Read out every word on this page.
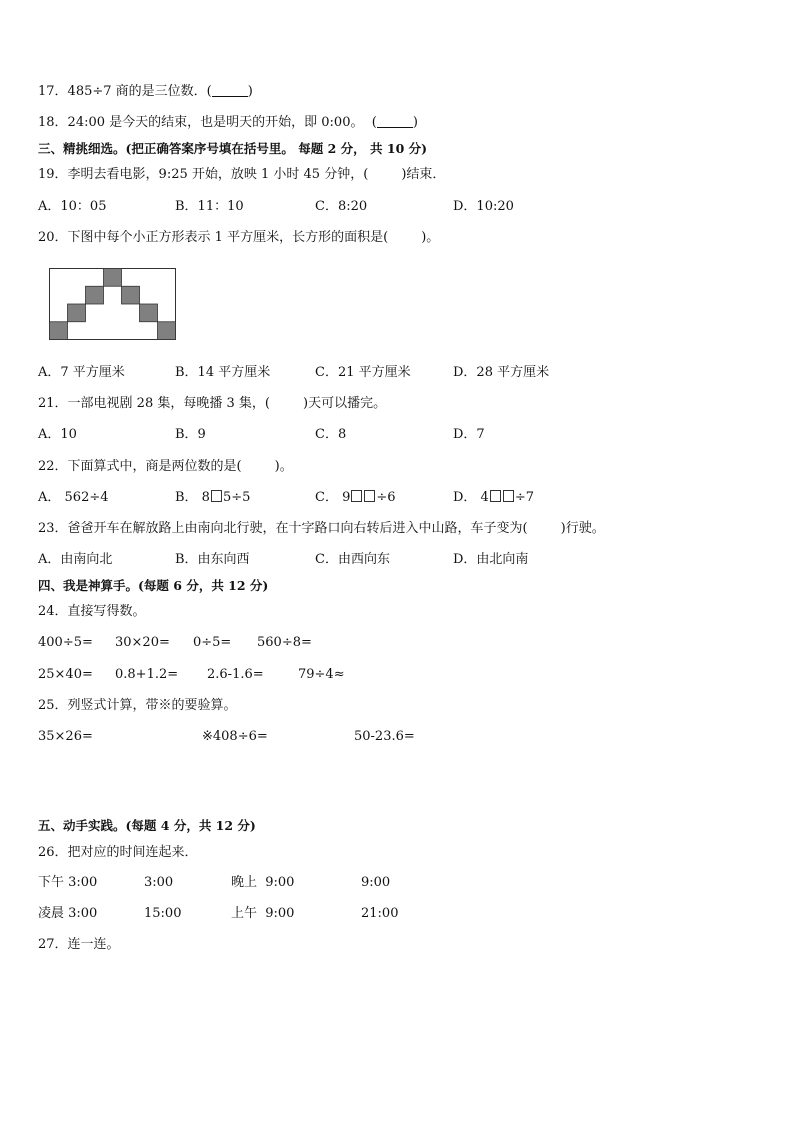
17．485÷7 商的是三位数．(	)
18．24:00 是今天的结束，也是明天的开始，即 0:00。  (	)
三、精挑细选。(把正确答案序号填在括号里。 每题 2 分， 共 10 分)
19．李明去看电影，9:25 开始，放映 1 小时 45 分钟，(        )结束．
A．10：05	B．11：10	C．8:20	D．10:20
20．下图中每个小正方形表示 1 平方厘米，长方形的面积是(        )。
A．7 平方厘米	B．14 平方厘米	C．21 平方厘米	D．28 平方厘米
21．一部电视剧 28 集，每晚播 3 集，(        )天可以播完。
A．10	B．9	C．8	D．7
22．下面算式中，商是两位数的是(        )。
A． 562÷4	B． 8 5÷5	C． 9 ÷6	D． 4 ÷7
23．爸爸开车在解放路上由南向北行驶，在十字路口向右转后进入中山路，车子变为(        )行驶。
A．由南向北	B．由东向西	C．由西向东	D．由北向南
四、我是神算手。(每题 6 分，共 12 分)
24．直接写得数。
400÷5= 30×20= 0÷5= 560÷8=
25×40= 0.8+1.2= 2.6-1.6=	79÷4≈
25．列竖式计算，带※的要验算。
35×26=	※408÷6=	50-23.6=
五、动手实践。(每题 4 分，共 12 分)
26．把对应的时间连起来．
下午 3:00	3:00	晚上  9:00	9:00
凌晨 3:00	15:00	上午  9:00	21:00
27．连一连。
